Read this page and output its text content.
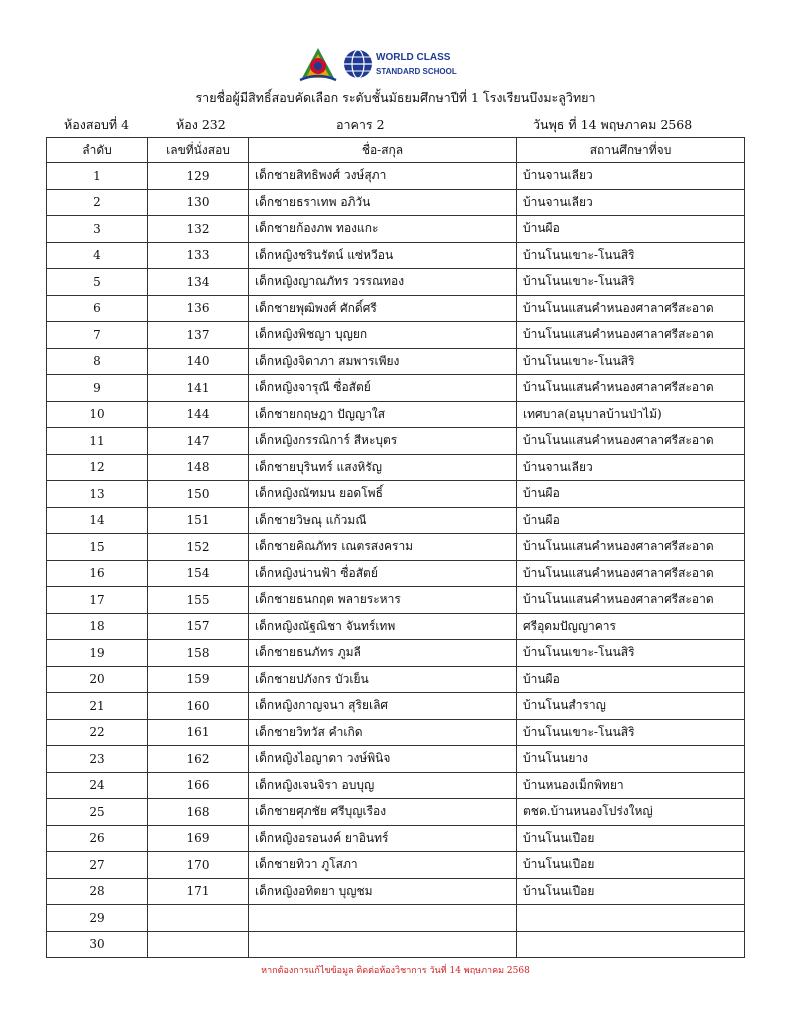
WORLD CLASS
STANDARD SCHOOL
รายชื่อผู้มีสิทธิ์สอบคัดเลือก ระดับชั้นมัธยมศึกษาปีที่ 1 โรงเรียนบึงมะลูวิทยา
ห้องสอบที่ 4	ห้อง 232	อาคาร 2	วันพุธ ที่ 14 พฤษภาคม 2568
ลำดับ	เลขที่นั่งสอบ	ชื่อ-สกุล	สถานศึกษาที่จบ
1	129	เด็กชายสิทธิพงศ์ วงษ์สุภา	บ้านจานเลียว
2	130	เด็กชายธราเทพ อภิวัน	บ้านจานเลียว
3	132	เด็กชายก้องภพ ทองแกะ	บ้านผือ
4	133	เด็กหญิงชรินรัตน์ แซ่หวีอน	บ้านโนนเขาะ-โนนสิริ
5	134	เด็กหญิงญาณภัทร วรรณทอง	บ้านโนนเขาะ-โนนสิริ
6	136	เด็กชายพุฒิพงศ์ ศักดิ์ศรี	บ้านโนนแสนคำหนองศาลาศรีสะอาด
7	137	เด็กหญิงพิชญา บุญยก	บ้านโนนแสนคำหนองศาลาศรีสะอาด
8	140	เด็กหญิงจิดาภา สมพารเพียง	บ้านโนนเขาะ-โนนสิริ
9	141	เด็กหญิงจารุณี ซื่อสัตย์	บ้านโนนแสนคำหนองศาลาศรีสะอาด
10	144	เด็กชายกฤษฎา ปัญญาใส	เทศบาล(อนุบาลบ้านป่าไม้)
11	147	เด็กหญิงกรรณิการ์ สีหะบุตร	บ้านโนนแสนคำหนองศาลาศรีสะอาด
12	148	เด็กชายบุรินทร์ แสงหิรัญ	บ้านจานเลียว
13	150	เด็กหญิงณัฑมน ยอดโพธิ์	บ้านผือ
14	151	เด็กชายวิษณุ แก้วมณี	บ้านผือ
15	152	เด็กชายคิณภัทร เณตรสงคราม	บ้านโนนแสนคำหนองศาลาศรีสะอาด
16	154	เด็กหญิงน่านฟ้า ซื่อสัตย์	บ้านโนนแสนคำหนองศาลาศรีสะอาด
17	155	เด็กชายธนกฤต พลายระหาร	บ้านโนนแสนคำหนองศาลาศรีสะอาด
18	157	เด็กหญิงณัฐณิชา จันทร์เทพ	ศรีอุดมปัญญาคาร
19	158	เด็กชายธนภัทร ภูมลี	บ้านโนนเขาะ-โนนสิริ
20	159	เด็กชายปภังกร บัวเย็น	บ้านผือ
21	160	เด็กหญิงกาญจนา สุริยเลิศ	บ้านโนนสำราญ
22	161	เด็กชายวิทวัส คำเกิด	บ้านโนนเขาะ-โนนสิริ
23	162	เด็กหญิงไอญาดา วงษ์พินิจ	บ้านโนนยาง
24	166	เด็กหญิงเจนจิรา อบบุญ	บ้านหนองเม็กพิทยา
25	168	เด็กชายศุภชัย ศรีบุญเรือง	ตชด.บ้านหนองโปร่งใหญ่
26	169	เด็กหญิงอรอนงค์ ยาอินทร์	บ้านโนนเปือย
27	170	เด็กชายทิวา ภูโสภา	บ้านโนนเปือย
28	171	เด็กหญิงอทิตยา บุญชม	บ้านโนนเปือย
29			
30			
หากต้องการแก้ไขข้อมูล ติดต่อห้องวิชาการ วันที่ 14 พฤษภาคม 2568
